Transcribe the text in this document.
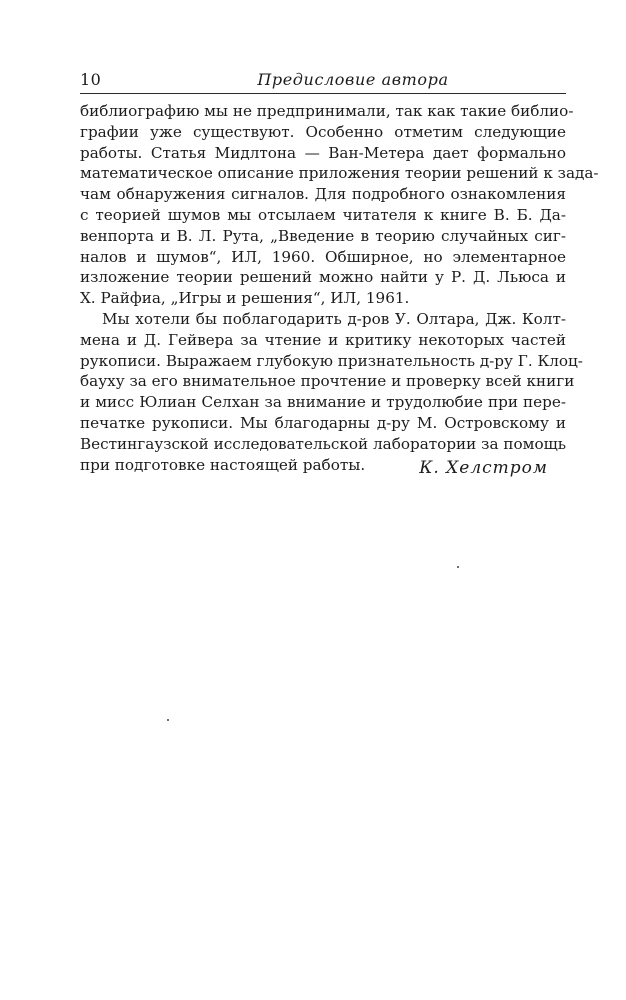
10	Предисловие автора

библиографию мы не предпринимали, так как такие библио-
графии уже существуют. Особенно отметим следующие
работы. Статья Мидлтона — Ван-Метера дает формально
математическое описание приложения теории решений к зада-
чам обнаружения сигналов. Для подробного ознакомления
с теорией шумов мы отсылаем читателя к книге В. Б. Да-
венпорта и В. Л. Рута, „Введение в теорию случайных сиг-
налов и шумов“, ИЛ, 1960. Обширное, но элементарное
изложение теории решений можно найти у Р. Д. Льюса и
Х. Райфиа, „Игры и решения“, ИЛ, 1961.

Мы хотели бы поблагодарить д-ров У. Олтара, Дж. Колт-
мена и Д. Гейвера за чтение и критику некоторых частей
рукописи. Выражаем глубокую признательность д-ру Г. Клоц-
бауху за его внимательное прочтение и проверку всей книги
и мисс Юлиан Селхан за внимание и трудолюбие при пере-
печатке рукописи. Мы благодарны д-ру М. Островскому и
Вестингаузской исследовательской лаборатории за помощь
при подготовке настоящей работы.	К. Хелстром
